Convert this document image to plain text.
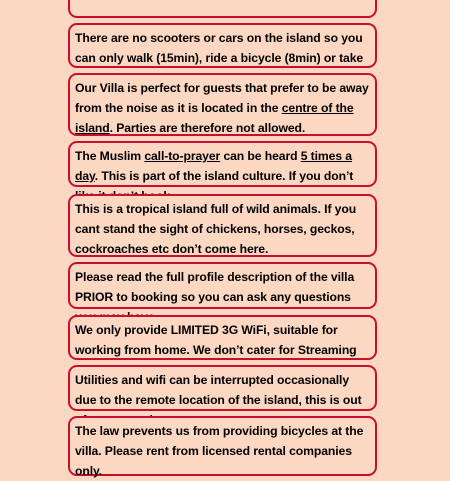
There are no scooters or cars on the island so you can only walk (15min), ride a bicycle (8min) or take

Our Villa is perfect for guests that prefer to be away from the noise as it is located in the centre of the island. Parties are therefore not allowed.

The Muslim call-to-prayer can be heard 5 times a day. This is part of the island culture. If you don’t

This is a tropical island full of wild animals. If you cant stand the sight of chickens, horses, geckos, cockroaches etc don’t come here.

Please read the full profile description of the villa PRIOR to booking so you can ask any questions

We only provide LIMITED 3G WiFi, suitable for working from home. We don’t cater for Streaming

Utilities and wifi can be interrupted occasionally due to the remote location of the island, this is out

The law prevents us from providing bicycles at the villa. Please rent from licensed rental companies only.
